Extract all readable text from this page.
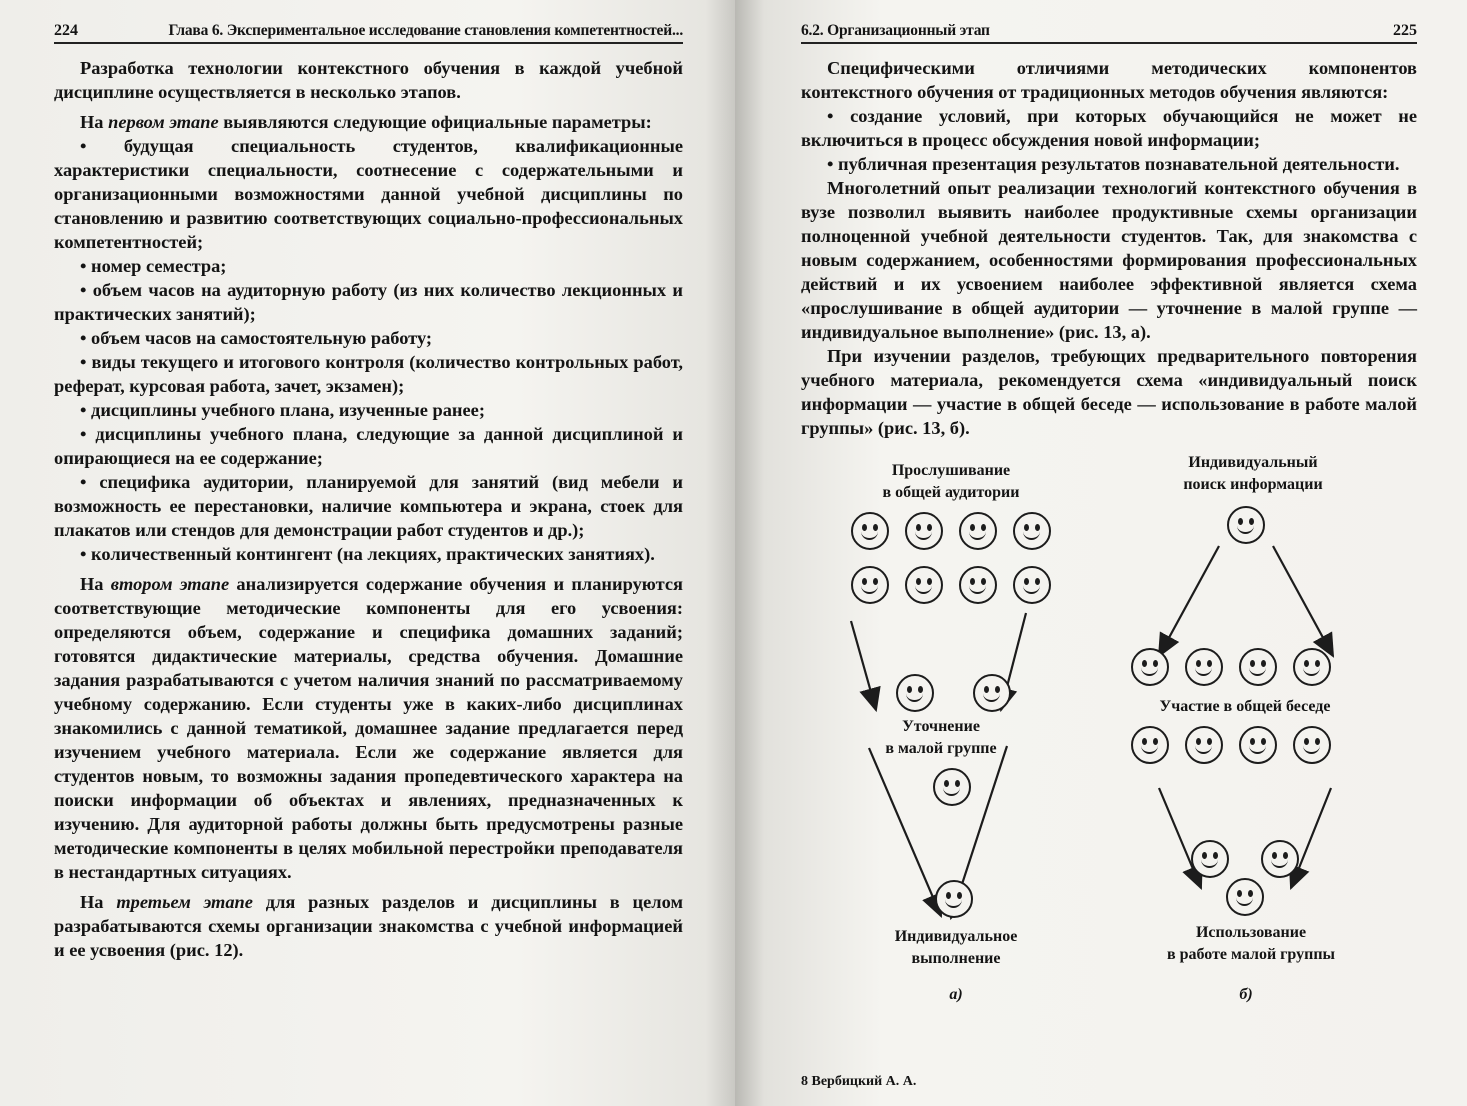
224	Глава 6. Экспериментальное исследование становления компетентностей...

Разработка технологии контекстного обучения в каждой учебной дисциплине осуществляется в несколько этапов.

На первом этапе выявляются следующие официальные параметры:

• будущая специальность студентов, квалификационные характеристики специальности, соотнесение с содержательными и организационными возможностями данной учебной дисциплины по становлению и развитию соответствующих социально-профессиональных компетентностей;

• номер семестра;

• объем часов на аудиторную работу (из них количество лекционных и практических занятий);

• объем часов на самостоятельную работу;

• виды текущего и итогового контроля (количество контрольных работ, реферат, курсовая работа, зачет, экзамен);

• дисциплины учебного плана, изученные ранее;

• дисциплины учебного плана, следующие за данной дисциплиной и опирающиеся на ее содержание;

• специфика аудитории, планируемой для занятий (вид мебели и возможность ее перестановки, наличие компьютера и экрана, стоек для плакатов или стендов для демонстрации работ студентов и др.);

• количественный контингент (на лекциях, практических занятиях).

На втором этапе анализируется содержание обучения и планируются соответствующие методические компоненты для его усвоения: определяются объем, содержание и специфика домашних заданий; готовятся дидактические материалы, средства обучения. Домашние задания разрабатываются с учетом наличия знаний по рассматриваемому учебному содержанию. Если студенты уже в каких-либо дисциплинах знакомились с данной тематикой, домашнее задание предлагается перед изучением учебного материала. Если же содержание является для студентов новым, то возможны задания пропедевтического характера на поиски информации об объектах и явлениях, предназначенных к изучению. Для аудиторной работы должны быть предусмотрены разные методические компоненты в целях мобильной перестройки преподавателя в нестандартных ситуациях.

На третьем этапе для разных разделов и дисциплины в целом разрабатываются схемы организации знакомства с учебной информацией и ее усвоения (рис. 12).

6.2. Организационный этап	225

Специфическими отличиями методических компонентов контекстного обучения от традиционных методов обучения являются:

• создание условий, при которых обучающийся не может не включиться в процесс обсуждения новой информации;

• публичная презентация результатов познавательной деятельности.

Многолетний опыт реализации технологий контекстного обучения в вузе позволил выявить наиболее продуктивные схемы организации полноценной учебной деятельности студентов. Так, для знакомства с новым содержанием, особенностями формирования профессиональных действий и их усвоением наиболее эффективной является схема «прослушивание в общей аудитории — уточнение в малой группе — индивидуальное выполнение» (рис. 13, а).

При изучении разделов, требующих предварительного повторения учебного материала, рекомендуется схема «индивидуальный поиск информации — участие в общей беседе — использование в работе малой группы» (рис. 13, б).

Прослушивание
в общей аудитории
Уточнение
в малой группе
Индивидуальное
выполнение
а)
Индивидуальный
поиск информации
Участие в общей беседе
Использование
в работе малой группы
б)
8 Вербицкий А. А.
